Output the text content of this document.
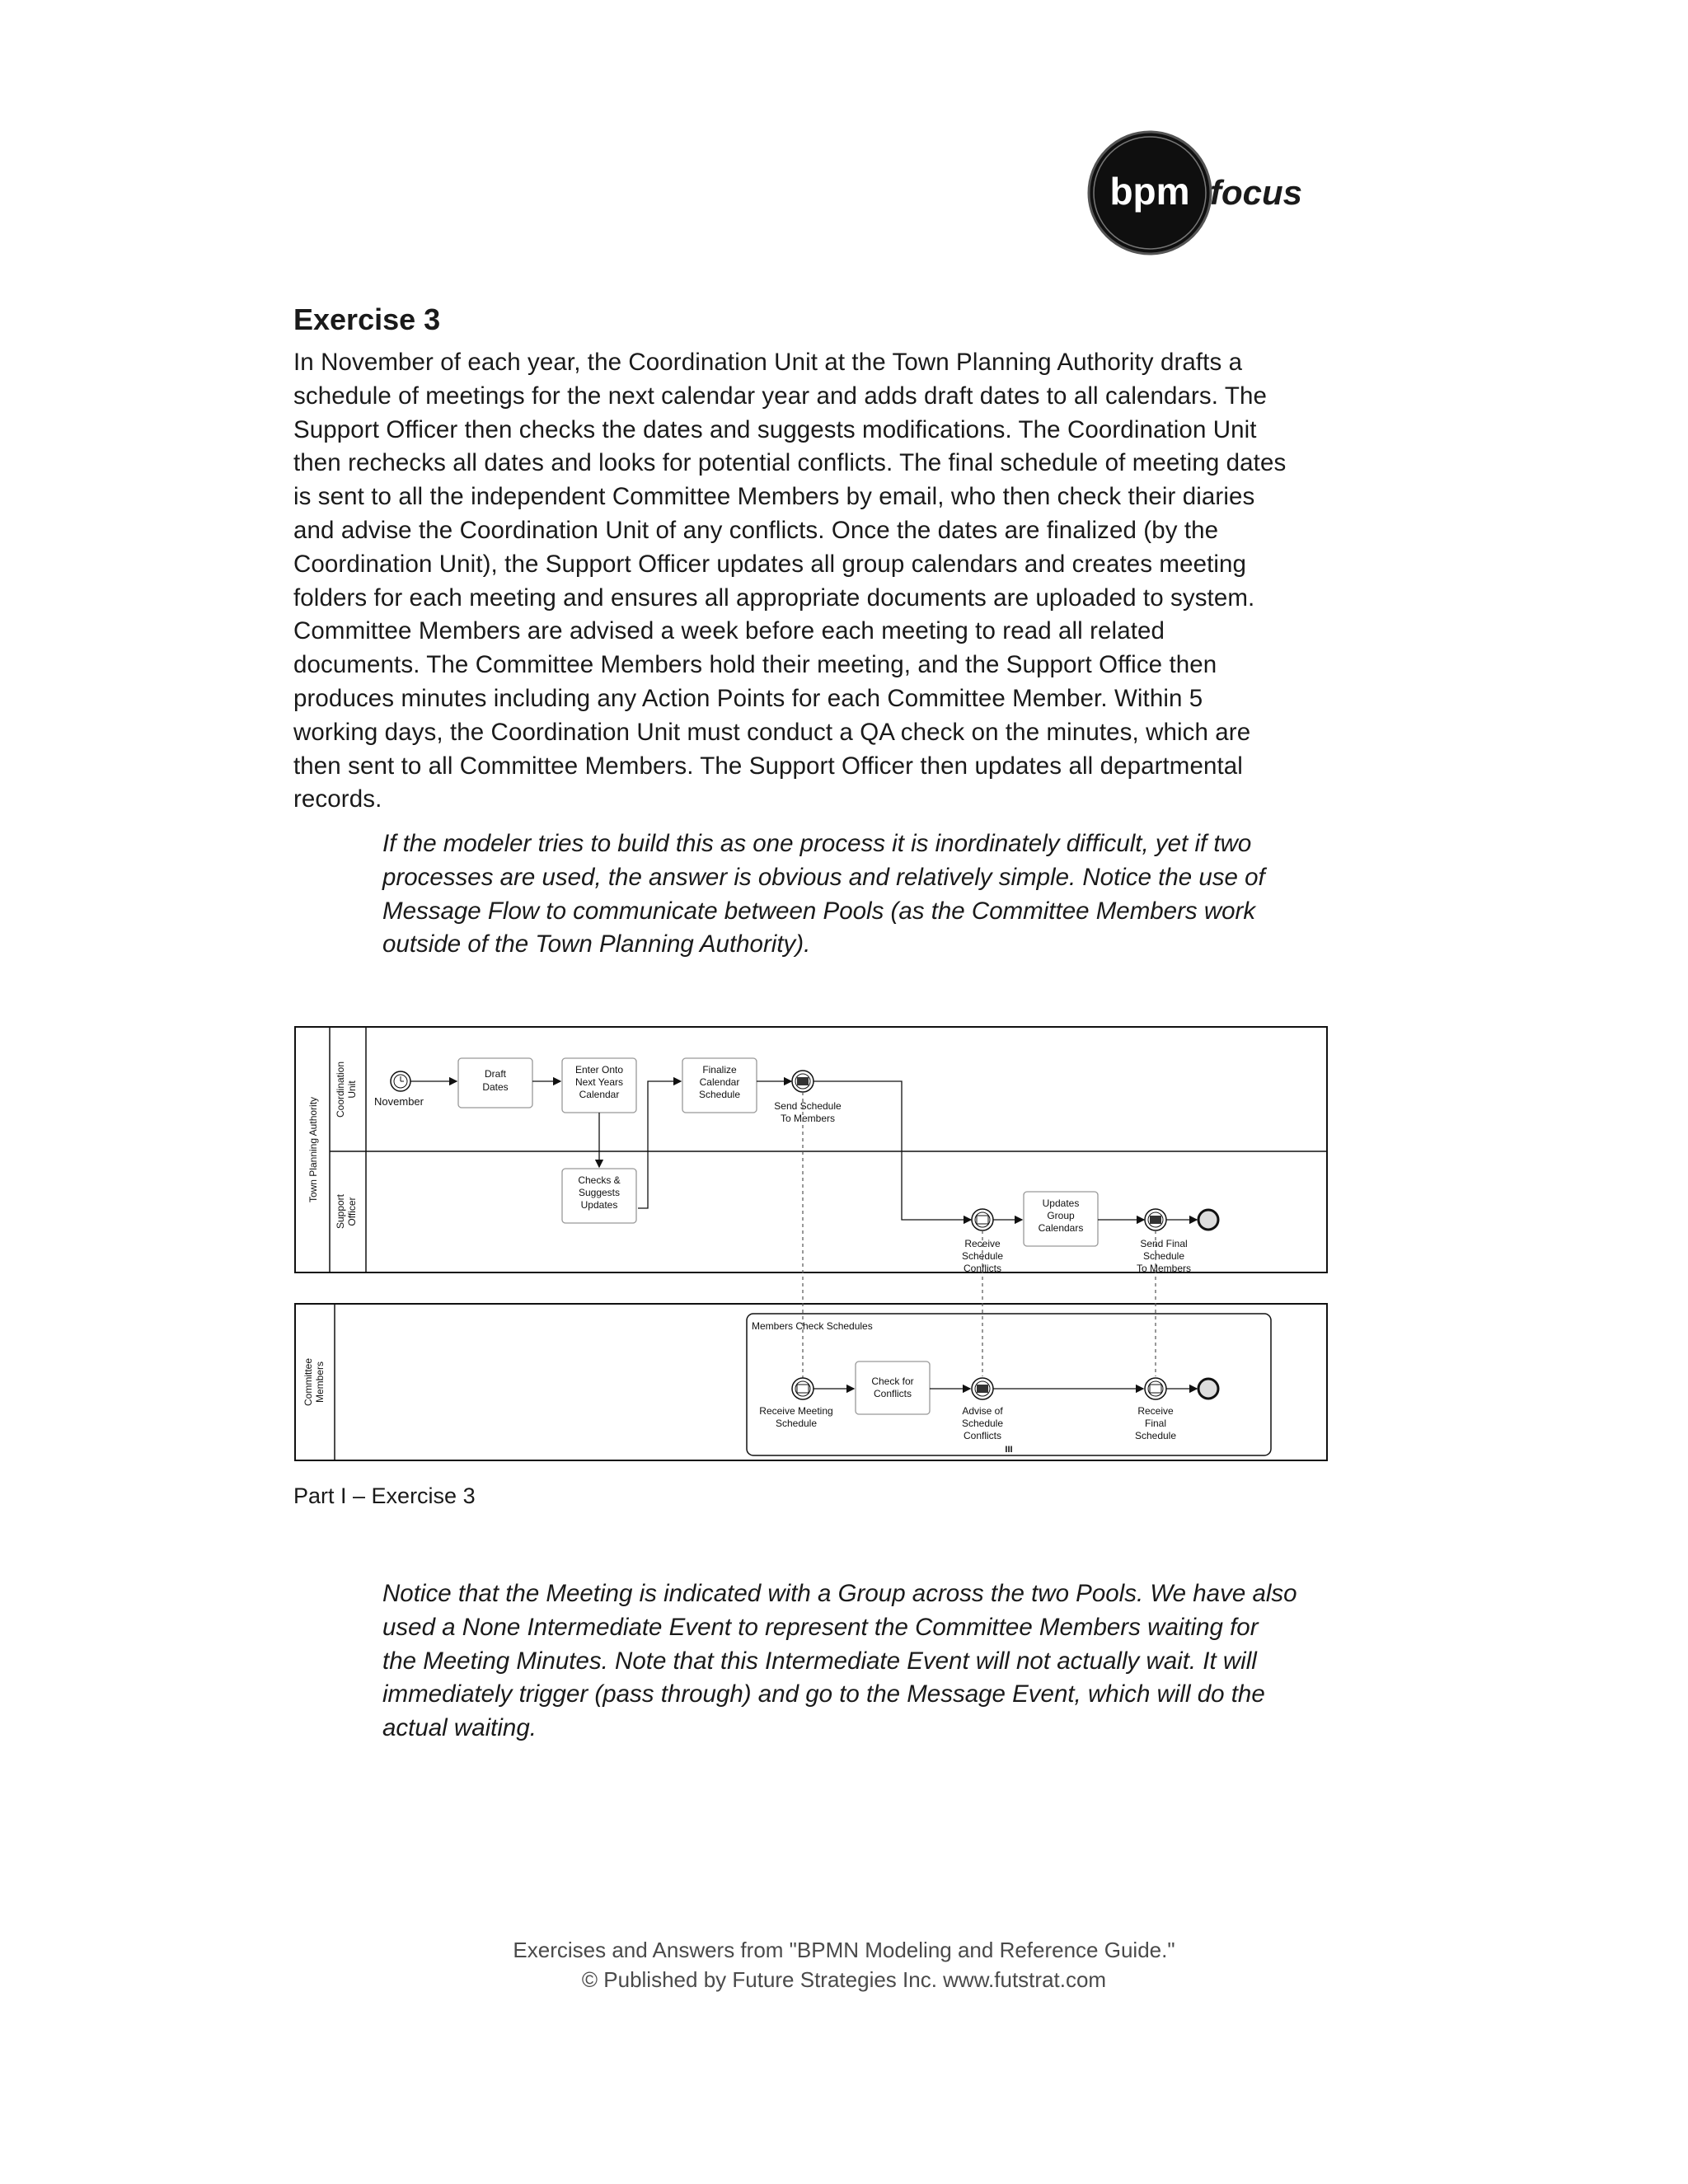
bpm focus
Exercise 3

In November of each year, the Coordination Unit at the Town Planning Authority drafts a
schedule of meetings for the next calendar year and adds draft dates to all calendars. The
Support Officer then checks the dates and suggests modifications. The Coordination Unit
then rechecks all dates and looks for potential conflicts. The final schedule of meeting dates
is sent to all the independent Committee Members by email, who then check their diaries
and advise the Coordination Unit of any conflicts. Once the dates are finalized (by the
Coordination Unit), the Support Officer updates all group calendars and creates meeting
folders for each meeting and ensures all appropriate documents are uploaded to system.
Committee Members are advised a week before each meeting to read all related
documents. The Committee Members hold their meeting, and the Support Office then
produces minutes including any Action Points for each Committee Member. Within 5
working days, the Coordination Unit must conduct a QA check on the minutes, which are
then sent to all Committee Members. The Support Officer then updates all departmental
records.

If the modeler tries to build this as one process it is inordinately difficult, yet if two
processes are used, the answer is obvious and relatively simple. Notice the use of
Message Flow to communicate between Pools (as the Committee Members work
outside of the Town Planning Authority).

Town Planning Authority
Coordination Unit
Support Officer
Committee Members
November
Draft
Dates
Enter Onto
Next Years
Calendar
Finalize
Calendar
Schedule
Send Schedule
To Members
Checks &
Suggests
Updates
Receive
Schedule
Conflicts
Updates
Group
Calendars
Send Final
Schedule
To Members
Members Check Schedules
Receive Meeting
Schedule
Check for
Conflicts
Advise of
Schedule
Conflicts
Receive
Final
Schedule
III

Part I – Exercise 3

Notice that the Meeting is indicated with a Group across the two Pools. We have also
used a None Intermediate Event to represent the Committee Members waiting for
the Meeting Minutes. Note that this Intermediate Event will not actually wait. It will
immediately trigger (pass through) and go to the Message Event, which will do the
actual waiting.

Exercises and Answers from "BPMN Modeling and Reference Guide."

© Published by Future Strategies Inc. www.futstrat.com
